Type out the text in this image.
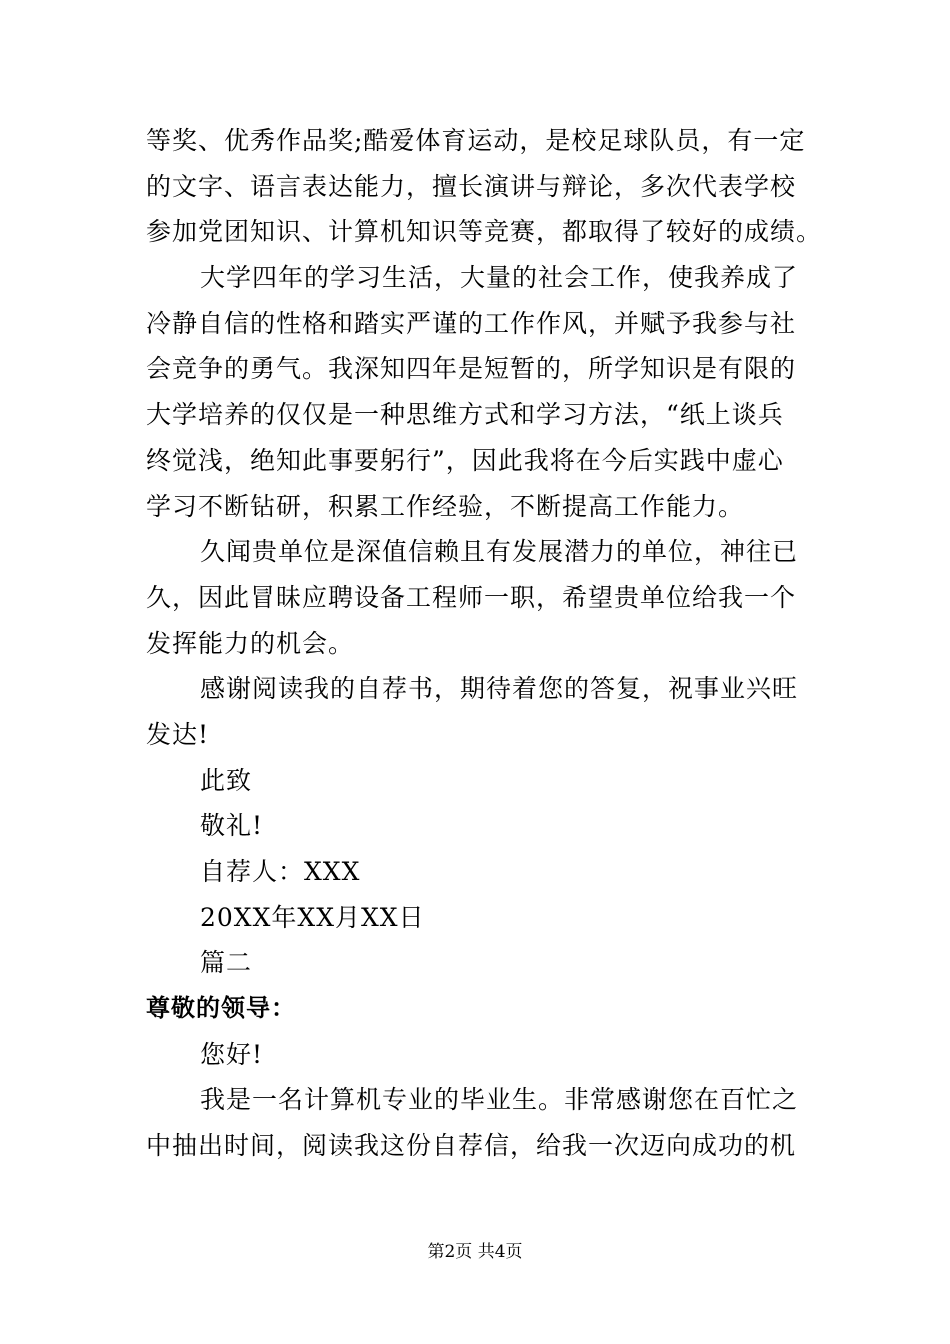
等奖、优秀作品奖;酷爱体育运动，是校足球队员，有一定
的文字、语言表达能力，擅长演讲与辩论，多次代表学校
参加党团知识、计算机知识等竞赛，都取得了较好的成绩。
大学四年的学习生活，大量的社会工作，使我养成了
冷静自信的性格和踏实严谨的工作作风，并赋予我参与社
会竞争的勇气。我深知四年是短暂的，所学知识是有限的
大学培养的仅仅是一种思维方式和学习方法，“纸上谈兵
终觉浅，绝知此事要躬行”，因此我将在今后实践中虚心
学习不断钻研，积累工作经验，不断提高工作能力。
久闻贵单位是深值信赖且有发展潜力的单位，神往已
久，因此冒昧应聘设备工程师一职，希望贵单位给我一个
发挥能力的机会。
感谢阅读我的自荐书，期待着您的答复，祝事业兴旺
发达!
此致
敬礼!
自荐人：XXX
20XX年XX月XX日
篇二
尊敬的领导：
您好!
我是一名计算机专业的毕业生。非常感谢您在百忙之
中抽出时间，阅读我这份自荐信，给我一次迈向成功的机
第2页 共4页
